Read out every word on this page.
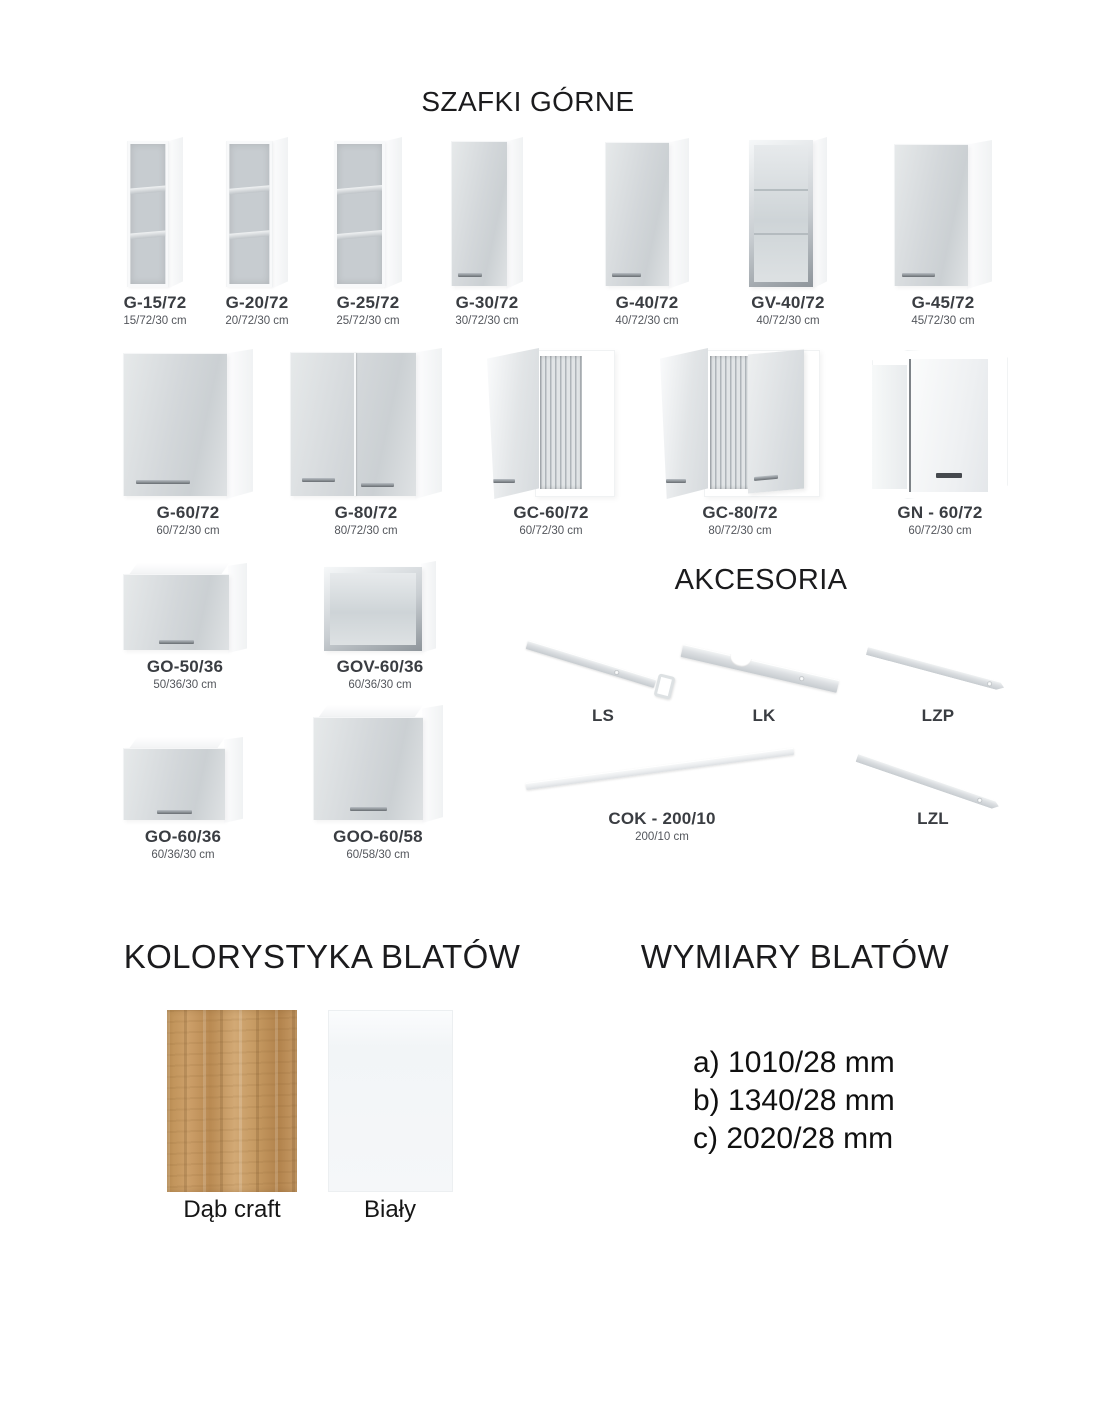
SZAFKI GÓRNE
G-15/72
15/72/30 cm
G-20/72
20/72/30 cm
G-25/72
25/72/30 cm
G-30/72
30/72/30 cm
G-40/72
40/72/30 cm
GV-40/72
40/72/30 cm
G-45/72
45/72/30 cm
G-60/72
60/72/30 cm
G-80/72
80/72/30 cm
GC-60/72
60/72/30 cm
GC-80/72
80/72/30 cm
GN - 60/72
60/72/30 cm
AKCESORIA
GO-50/36
50/36/30 cm
GOV-60/36
60/36/30 cm
LS	LK	LZP
GO-60/36
60/36/30 cm
GOO-60/58
60/58/30 cm
COK - 200/10
200/10 cm
LZL
KOLORYSTYKA BLATÓW	WYMIARY BLATÓW
Dąb craft	Biały
a) 1010/28 mm
b) 1340/28 mm
c) 2020/28 mm
